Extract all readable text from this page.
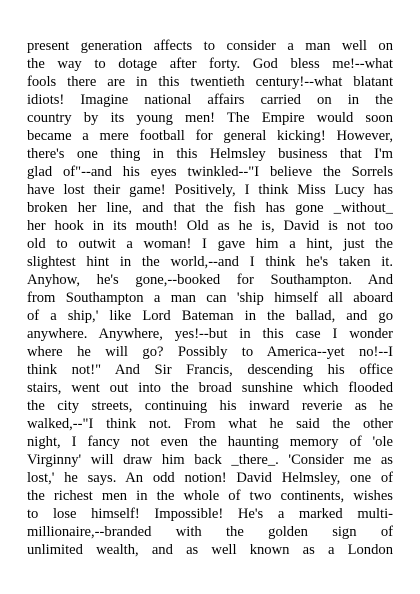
present generation affects to consider a man well on
the way to dotage after forty. God bless me!--what
fools there are in this twentieth century!--what blatant
idiots! Imagine national affairs carried on in the
country by its young men! The Empire would soon
became a mere football for general kicking! However,
there's one thing in this Helmsley business that I'm
glad of"--and his eyes twinkled--"I believe the Sorrels
have lost their game! Positively, I think Miss Lucy has
broken her line, and that the fish has gone _without_
her hook in its mouth! Old as he is, David is not too
old to outwit a woman! I gave him a hint, just the
slightest hint in the world,--and I think he's taken it.
Anyhow, he's gone,--booked for Southampton. And
from Southampton a man can 'ship himself all aboard
of a ship,' like Lord Bateman in the ballad, and go
anywhere. Anywhere, yes!--but in this case I wonder
where he will go? Possibly to America--yet no!--I
think not!" And Sir Francis, descending his office
stairs, went out into the broad sunshine which flooded
the city streets, continuing his inward reverie as he
walked,--"I think not. From what he said the other
night, I fancy not even the haunting memory of 'ole
Virginny' will draw him back _there_. 'Consider me as
lost,' he says. An odd notion! David Helmsley, one of
the richest men in the whole of two continents, wishes
to lose himself! Impossible! He's a marked multi-
millionaire,--branded with the golden sign of
unlimited wealth, and as well known as a London
